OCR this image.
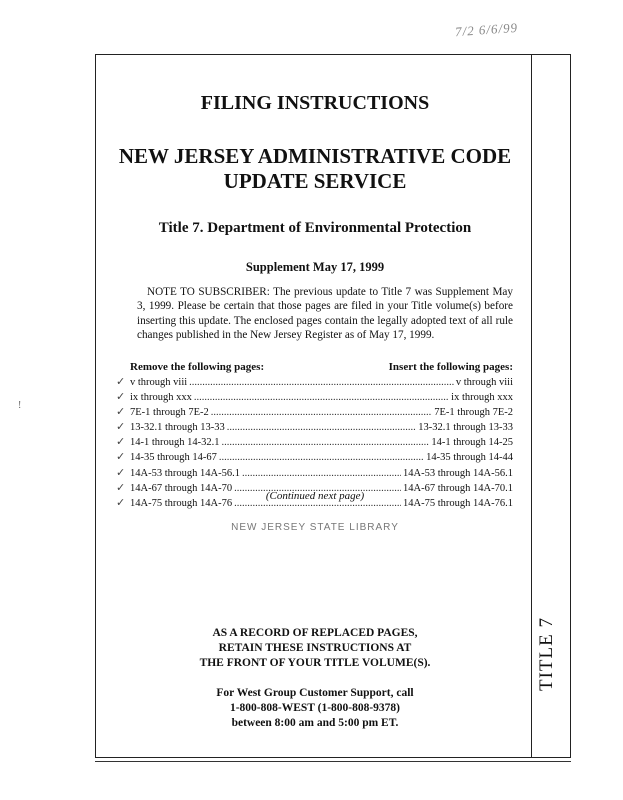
7/2 6/6/99
!
FILING INSTRUCTIONS
NEW JERSEY ADMINISTRATIVE CODE UPDATE SERVICE
Title 7. Department of Environmental Protection
Supplement May 17, 1999

NOTE TO SUBSCRIBER: The previous update to Title 7 was Supplement May 3, 1999. Please be certain that those pages are filed in your Title volume(s) before inserting this update. The enclosed pages contain the legally adopted text of all rule changes published in the New Jersey Register as of May 17, 1999.

Remove the following pages:	Insert the following pages:
✓ v through viii .....	v through viii
✓ ix through xxx .....	ix through xxx
✓ 7E-1 through 7E-2 .....	7E-1 through 7E-2
✓ 13-32.1 through 13-33 .....	13-32.1 through 13-33
✓ 14-1 through 14-32.1 .....	14-1 through 14-25
✓ 14-35 through 14-67 .....	14-35 through 14-44
✓ 14A-53 through 14A-56.1 .....	14A-53 through 14A-56.1
✓ 14A-67 through 14A-70 .....	14A-67 through 14A-70.1
✓ 14A-75 through 14A-76 .....	14A-75 through 14A-76.1
(Continued next page)
NEW JERSEY STATE LIBRARY
AS A RECORD OF REPLACED PAGES,
RETAIN THESE INSTRUCTIONS AT
THE FRONT OF YOUR TITLE VOLUME(S).
For West Group Customer Support, call
1-800-808-WEST (1-800-808-9378)
between 8:00 am and 5:00 pm ET.
TITLE 7
